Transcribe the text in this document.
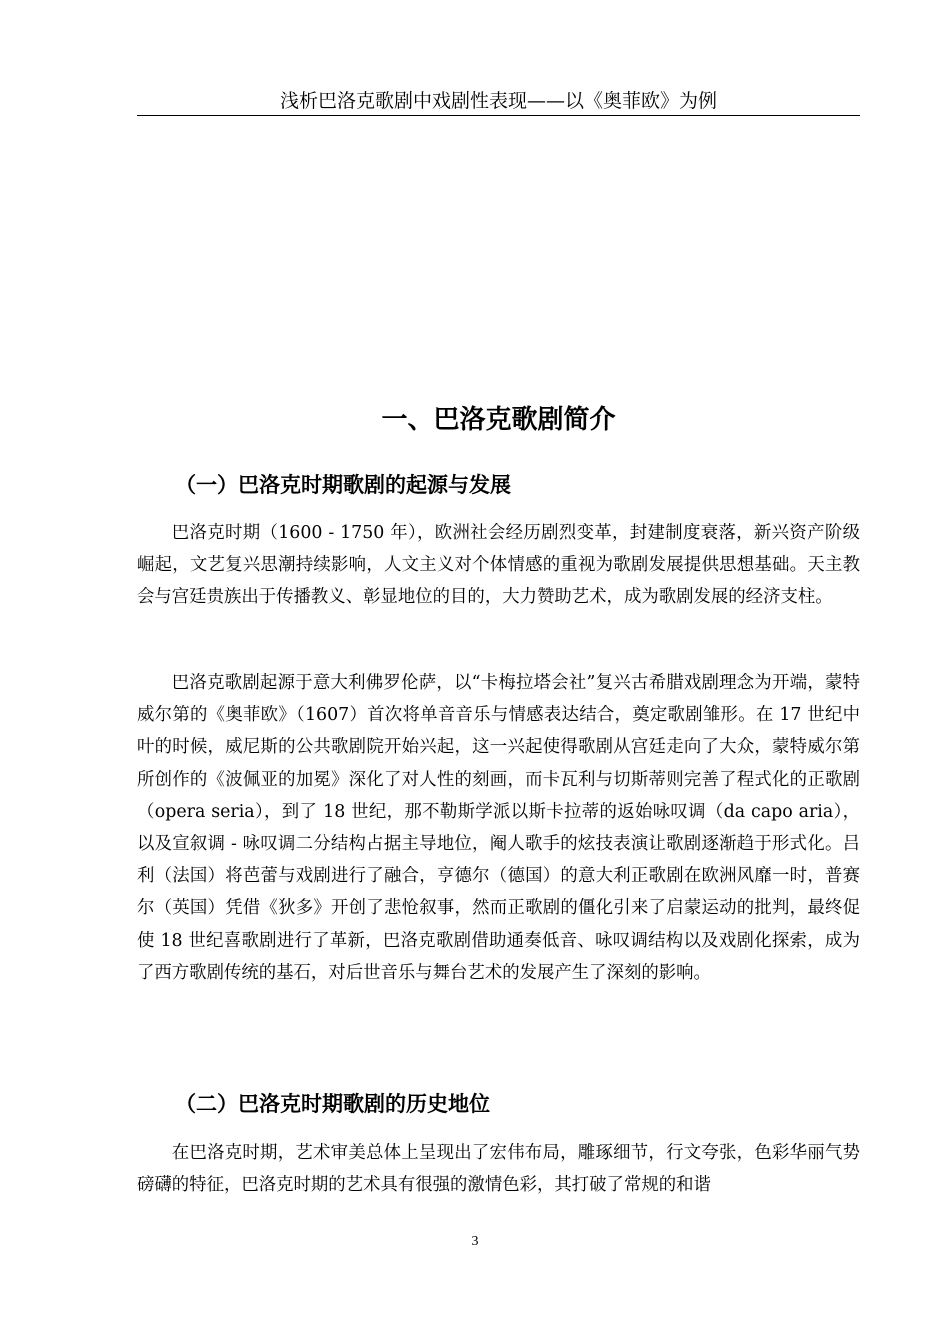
浅析巴洛克歌剧中戏剧性表现——以《奥菲欧》为例
一、巴洛克歌剧简介
（一）巴洛克时期歌剧的起源与发展

巴洛克时期（1600 - 1750 年），欧洲社会经历剧烈变革，封建制度衰落，新兴资产阶级崛起，文艺复兴思潮持续影响，人文主义对个体情感的重视为歌剧发展提供思想基础。天主教会与宫廷贵族出于传播教义、彰显地位的目的，大力赞助艺术，成为歌剧发展的经济支柱。

巴洛克歌剧起源于意大利佛罗伦萨，以“卡梅拉塔会社”复兴古希腊戏剧理念为开端，蒙特威尔第的《奥菲欧》（1607）首次将单音音乐与情感表达结合，奠定歌剧雏形。在 17 世纪中叶的时候，威尼斯的公共歌剧院开始兴起，这一兴起使得歌剧从宫廷走向了大众，蒙特威尔第所创作的《波佩亚的加冕》深化了对人性的刻画，而卡瓦利与切斯蒂则完善了程式化的正歌剧（opera seria），到了 18 世纪，那不勒斯学派以斯卡拉蒂的返始咏叹调（da capo aria），以及宣叙调 - 咏叹调二分结构占据主导地位，阉人歌手的炫技表演让歌剧逐渐趋于形式化。吕利（法国）将芭蕾与戏剧进行了融合，亨德尔（德国）的意大利正歌剧在欧洲风靡一时，普赛尔（英国）凭借《狄多》开创了悲怆叙事，然而正歌剧的僵化引来了启蒙运动的批判，最终促使 18 世纪喜歌剧进行了革新，巴洛克歌剧借助通奏低音、咏叹调结构以及戏剧化探索，成为了西方歌剧传统的基石，对后世音乐与舞台艺术的发展产生了深刻的影响。

（二）巴洛克时期歌剧的历史地位

在巴洛克时期，艺术审美总体上呈现出了宏伟布局，雕琢细节，行文夸张，色彩华丽气势磅礴的特征，巴洛克时期的艺术具有很强的激情色彩，其打破了常规的和谐

3
